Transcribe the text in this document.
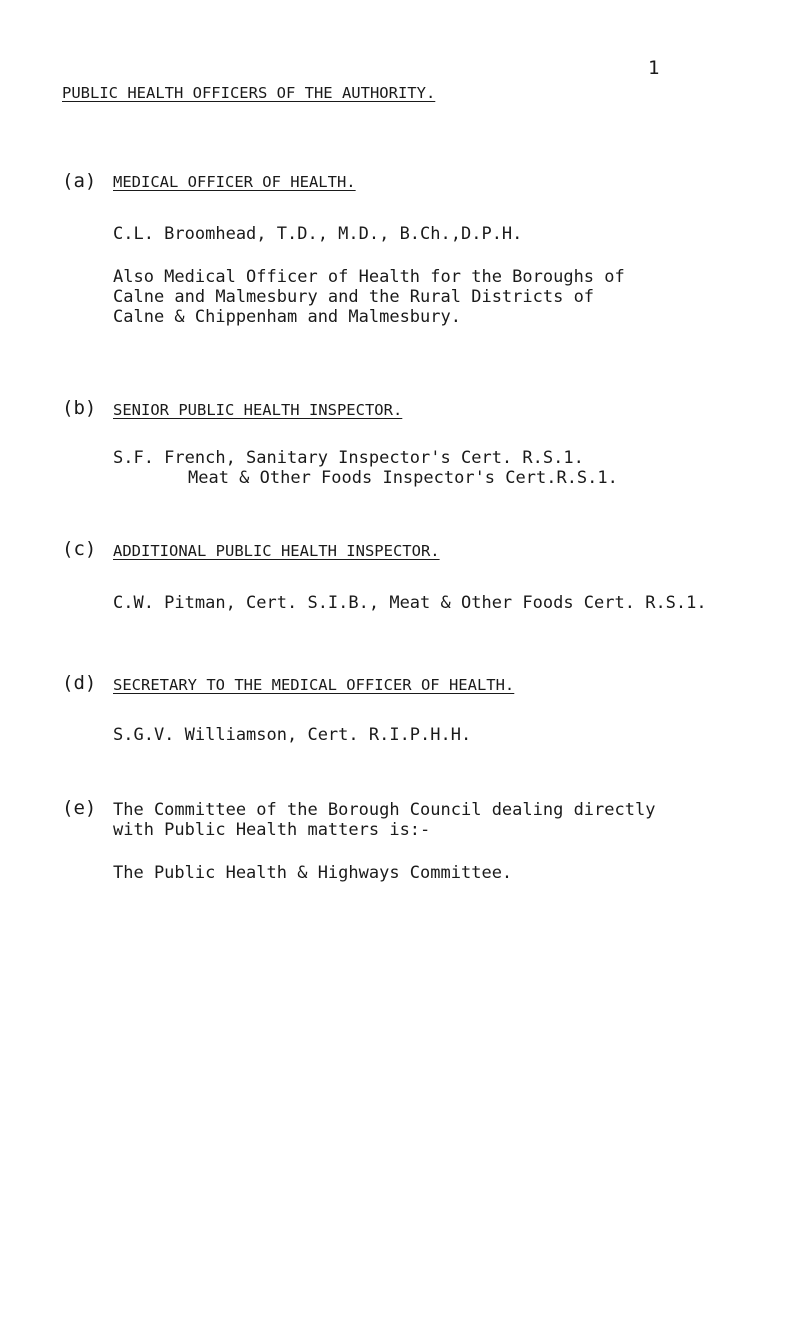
1
PUBLIC HEALTH OFFICERS OF THE AUTHORITY.
(a) MEDICAL OFFICER OF HEALTH.
C.L. Broomhead, T.D., M.D., B.Ch.,D.P.H.
Also Medical Officer of Health for the Boroughs of
Calne and Malmesbury and the Rural Districts of
Calne & Chippenham and Malmesbury.
(b) SENIOR PUBLIC HEALTH INSPECTOR.
S.F. French, Sanitary Inspector's Cert. R.S.1.
Meat & Other Foods Inspector's Cert.R.S.1.
(c) ADDITIONAL PUBLIC HEALTH INSPECTOR.
C.W. Pitman, Cert. S.I.B., Meat & Other Foods Cert. R.S.1.
(d) SECRETARY TO THE MEDICAL OFFICER OF HEALTH.
S.G.V. Williamson, Cert. R.I.P.H.H.
(e) The Committee of the Borough Council dealing directly
with Public Health matters is:-
The Public Health & Highways Committee.
